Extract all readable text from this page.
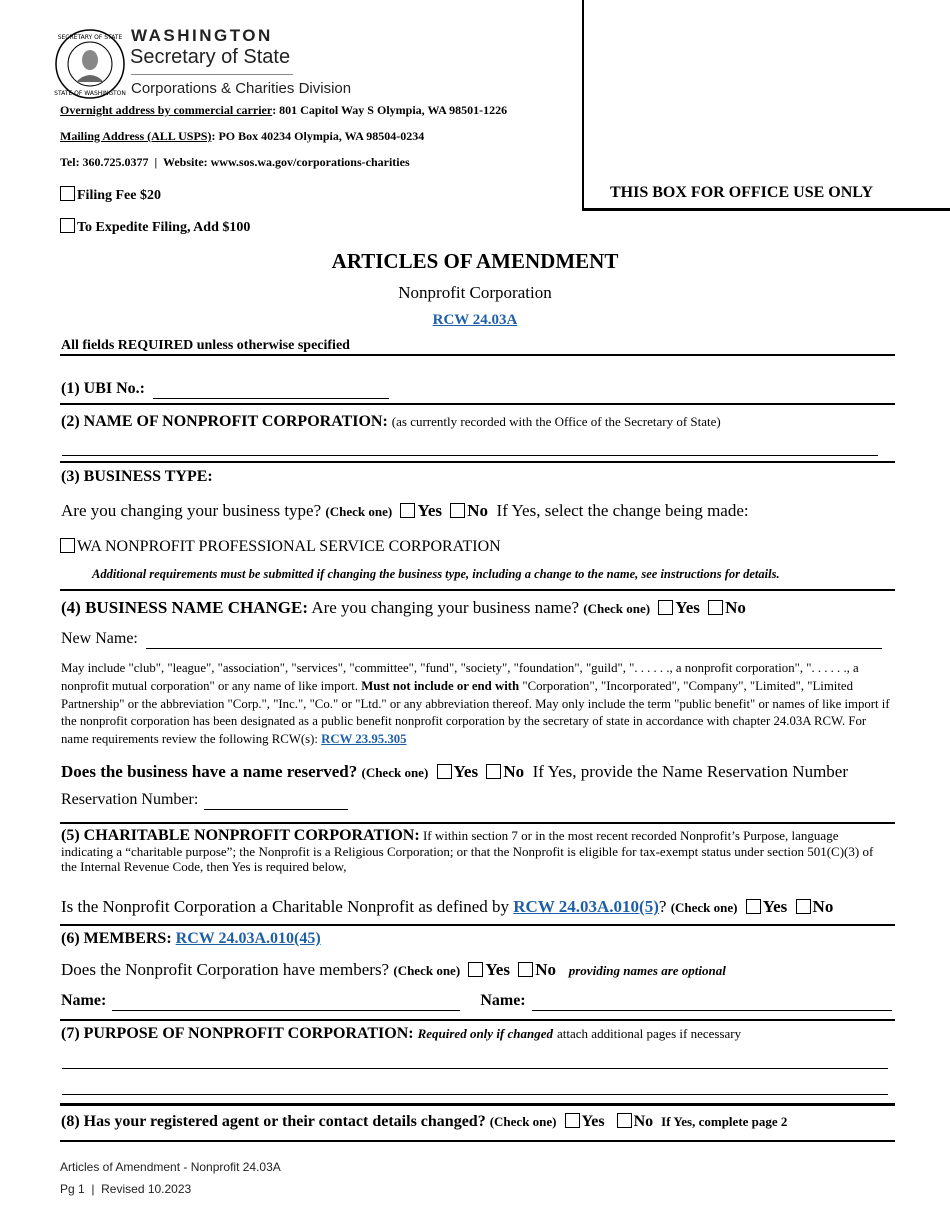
THIS BOX FOR OFFICE USE ONLY
SECRETARY OF STATE
STATE OF WASHINGTON
WASHINGTON
Secretary of State
Corporations & Charities Division
Overnight address by commercial carrier: 801 Capitol Way S Olympia, WA 98501-1226
Mailing Address (ALL USPS): PO Box 40234 Olympia, WA 98504-0234
Tel: 360.725.0377  |  Website: www.sos.wa.gov/corporations-charities
Filing Fee $20
To Expedite Filing, Add $100
ARTICLES OF AMENDMENT
Nonprofit Corporation
RCW 24.03A
All fields REQUIRED unless otherwise specified
(1) UBI No.:
(2) NAME OF NONPROFIT CORPORATION: (as currently recorded with the Office of the Secretary of State)
(3) BUSINESS TYPE:
Are you changing your business type? (Check one) Yes No If Yes, select the change being made:
WA NONPROFIT PROFESSIONAL SERVICE CORPORATION
Additional requirements must be submitted if changing the business type, including a change to the name, see instructions for details.
(4) BUSINESS NAME CHANGE: Are you changing your business name? (Check one) Yes No
New Name:
May include "club", "league", "association", "services", "committee", "fund", "society", "foundation", "guild", ". . . . . ., a nonprofit corporation", ". . . . . ., a nonprofit mutual corporation" or any name of like import. Must not include or end with "Corporation", "Incorporated", "Company", "Limited", "Limited Partnership" or the abbreviation "Corp.", "Inc.", "Co." or "Ltd." or any abbreviation thereof. May only include the term "public benefit" or names of like import if the nonprofit corporation has been designated as a public benefit nonprofit corporation by the secretary of state in accordance with chapter 24.03A RCW. For name requirements review the following RCW(s): RCW 23.95.305
Does the business have a name reserved? (Check one) Yes No If Yes, provide the Name Reservation Number
Reservation Number:
(5) CHARITABLE NONPROFIT CORPORATION: If within section 7 or in the most recent recorded Nonprofit’s Purpose, language indicating a “charitable purpose”; the Nonprofit is a Religious Corporation; or that the Nonprofit is eligible for tax-exempt status under section 501(C)(3) of the Internal Revenue Code, then Yes is required below,
Is the Nonprofit Corporation a Charitable Nonprofit as defined by RCW 24.03A.010(5)? (Check one) Yes No
(6) MEMBERS: RCW 24.03A.010(45)
Does the Nonprofit Corporation have members? (Check one) Yes No providing names are optional
Name:	Name:
(7) PURPOSE OF NONPROFIT CORPORATION: Required only if changed attach additional pages if necessary
(8) Has your registered agent or their contact details changed? (Check one) Yes No If Yes, complete page 2
Articles of Amendment - Nonprofit 24.03A
Pg 1  |  Revised 10.2023
